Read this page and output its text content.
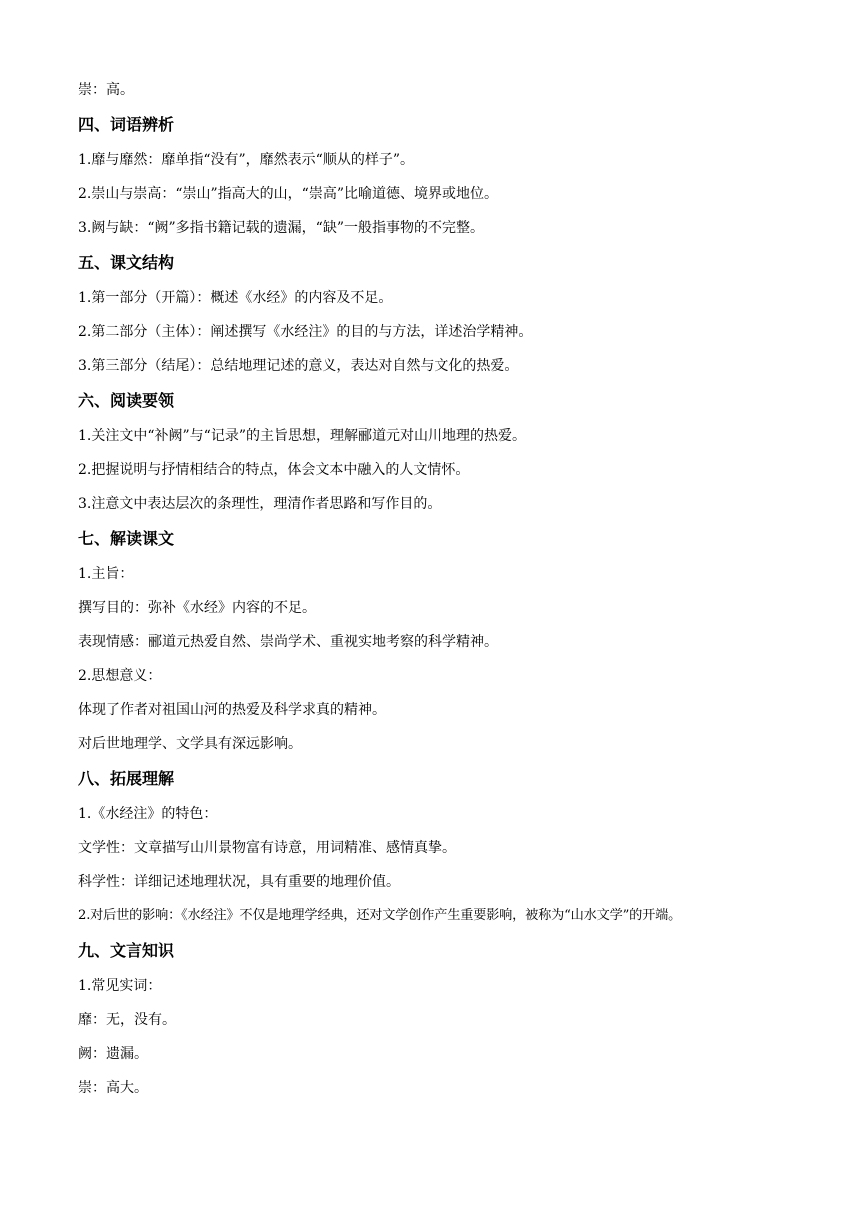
崇：高。
四、词语辨析
1.靡与靡然：靡单指“没有”，靡然表示“顺从的样子”。
2.崇山与崇高：“崇山”指高大的山，“崇高”比喻道德、境界或地位。
3.阙与缺：“阙”多指书籍记载的遗漏，“缺”一般指事物的不完整。
五、课文结构
1.第一部分（开篇）：概述《水经》的内容及不足。
2.第二部分（主体）：阐述撰写《水经注》的目的与方法，详述治学精神。
3.第三部分（结尾）：总结地理记述的意义，表达对自然与文化的热爱。
六、阅读要领
1.关注文中“补阙”与“记录”的主旨思想，理解郦道元对山川地理的热爱。
2.把握说明与抒情相结合的特点，体会文本中融入的人文情怀。
3.注意文中表达层次的条理性，理清作者思路和写作目的。
七、解读课文
1.主旨：
撰写目的：弥补《水经》内容的不足。
表现情感：郦道元热爱自然、崇尚学术、重视实地考察的科学精神。
2.思想意义：
体现了作者对祖国山河的热爱及科学求真的精神。
对后世地理学、文学具有深远影响。
八、拓展理解
1.《水经注》的特色：
文学性：文章描写山川景物富有诗意，用词精准、感情真挚。
科学性：详细记述地理状况，具有重要的地理价值。
2.对后世的影响：《水经注》不仅是地理学经典，还对文学创作产生重要影响，被称为“山水文学”的开端。
九、文言知识
1.常见实词：
靡：无，没有。
阙：遗漏。
崇：高大。
